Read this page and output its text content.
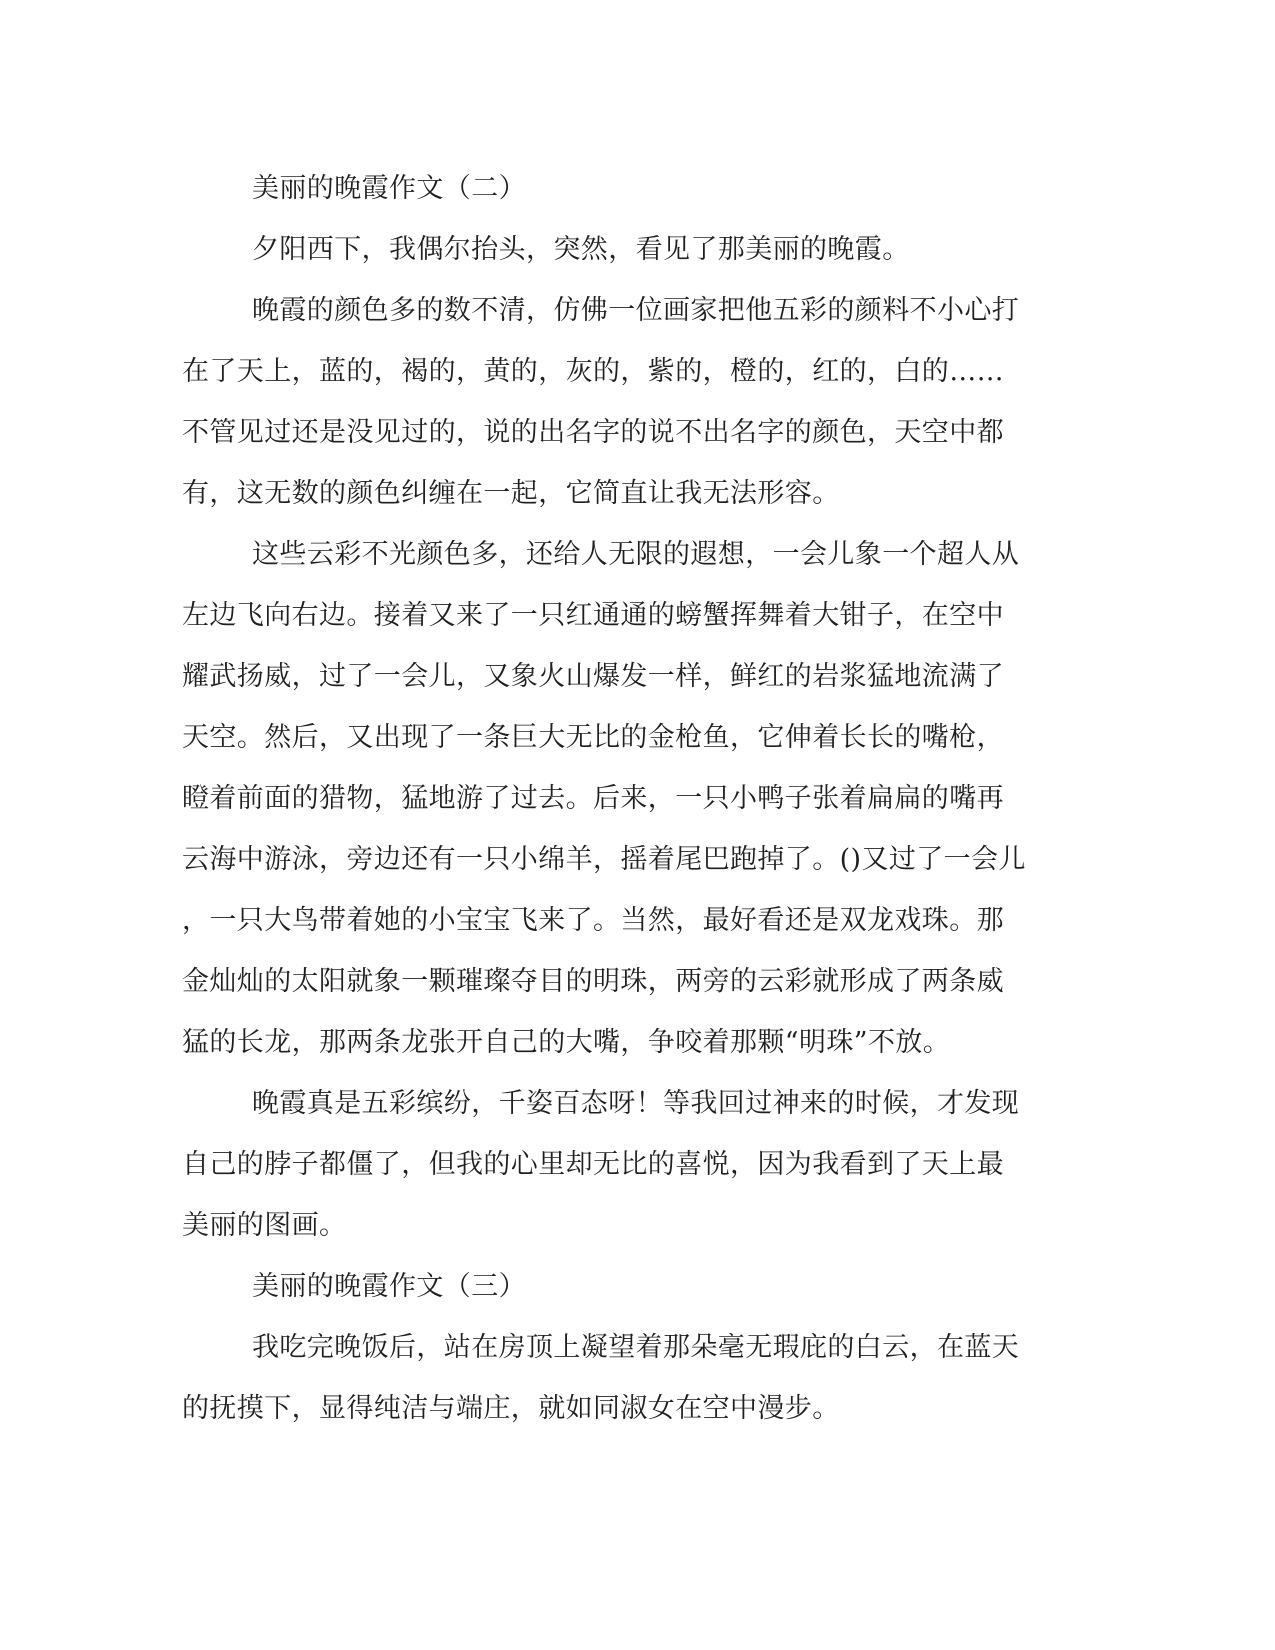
美丽的晚霞作文（二）
夕阳西下，我偶尔抬头，突然，看见了那美丽的晚霞。
晚霞的颜色多的数不清，仿佛一位画家把他五彩的颜料不小心打
在了天上，蓝的，褐的，黄的，灰的，紫的，橙的，红的，白的……
不管见过还是没见过的，说的出名字的说不出名字的颜色，天空中都
有，这无数的颜色纠缠在一起，它简直让我无法形容。
这些云彩不光颜色多，还给人无限的遐想，一会儿象一个超人从
左边飞向右边。接着又来了一只红通通的螃蟹挥舞着大钳子，在空中
耀武扬威，过了一会儿，又象火山爆发一样，鲜红的岩浆猛地流满了
天空。然后，又出现了一条巨大无比的金枪鱼，它伸着长长的嘴枪，
瞪着前面的猎物，猛地游了过去。后来，一只小鸭子张着扁扁的嘴再
云海中游泳，旁边还有一只小绵羊，摇着尾巴跑掉了。()又过了一会儿
，一只大鸟带着她的小宝宝飞来了。当然，最好看还是双龙戏珠。那
金灿灿的太阳就象一颗璀璨夺目的明珠，两旁的云彩就形成了两条威
猛的长龙，那两条龙张开自己的大嘴，争咬着那颗“明珠”不放。
晚霞真是五彩缤纷，千姿百态呀！等我回过神来的时候，才发现
自己的脖子都僵了，但我的心里却无比的喜悦，因为我看到了天上最
美丽的图画。
美丽的晚霞作文（三）
我吃完晚饭后，站在房顶上凝望着那朵毫无瑕庇的白云，在蓝天
的抚摸下，显得纯洁与端庄，就如同淑女在空中漫步。
